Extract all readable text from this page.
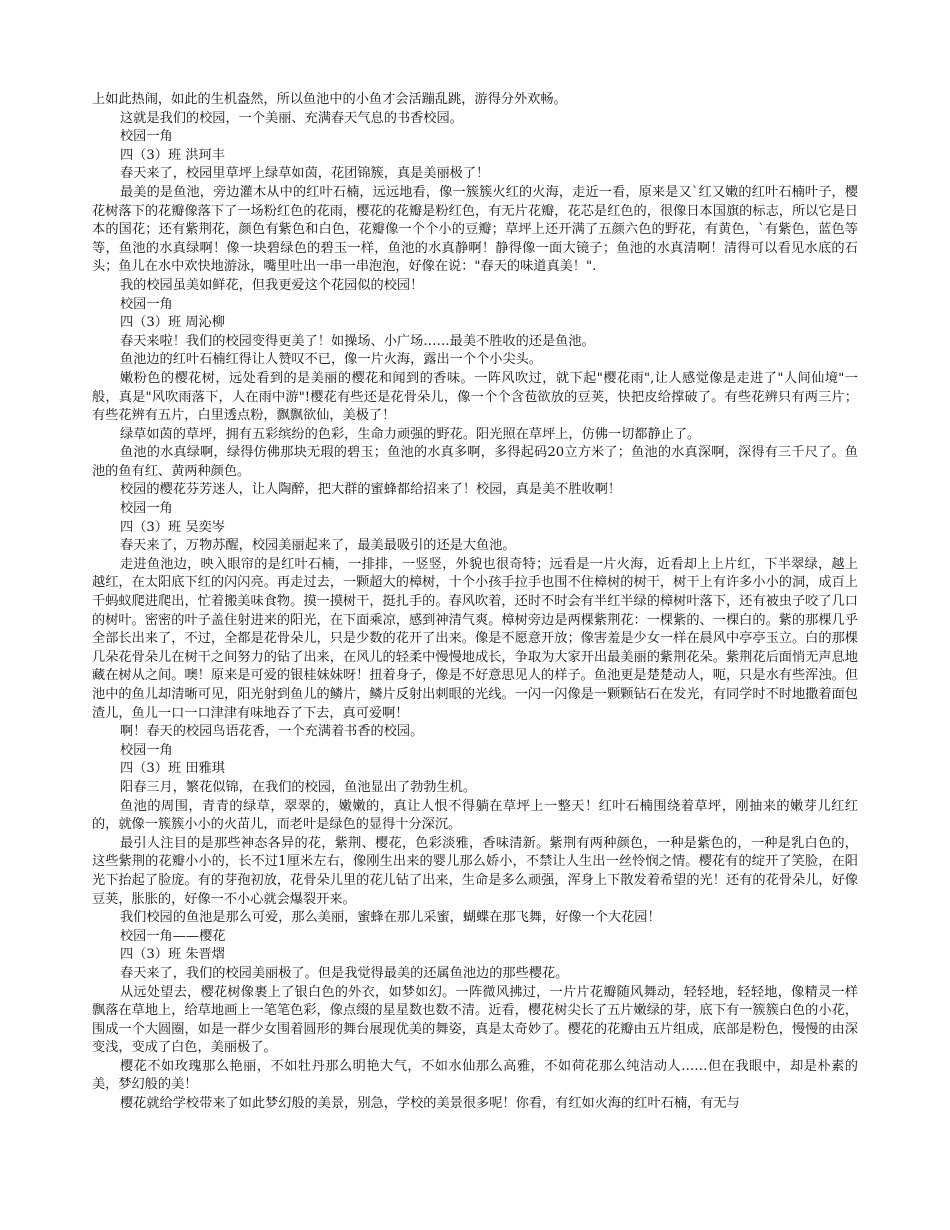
上如此热闹，如此的生机盎然，所以鱼池中的小鱼才会活蹦乱跳，游得分外欢畅。

这就是我们的校园，一个美丽、充满春天气息的书香校园。

校园一角

四（3）班 洪珂丰

春天来了，校园里草坪上绿草如茵，花团锦簇，真是美丽极了！

最美的是鱼池，旁边灌木从中的红叶石楠，远远地看，像一簇簇火红的火海，走近一看，原来是又`红又嫩的红叶石楠叶子，樱花树落下的花瓣像落下了一场粉红色的花雨，樱花的花瓣是粉红色，有无片花瓣，花芯是红色的，很像日本国旗的标志，所以它是日本的国花；还有紫荆花，颜色有紫色和白色，花瓣像一个个小的豆瓣；草坪上还开满了五颜六色的野花，有黄色，`有紫色，蓝色等等，鱼池的水真绿啊！像一块碧绿色的碧玉一样，鱼池的水真静啊！静得像一面大镜子；鱼池的水真清啊！清得可以看见水底的石头；鱼儿在水中欢快地游泳，嘴里吐出一串一串泡泡，好像在说："春天的味道真美！".

我的校园虽美如鲜花，但我更爱这个花园似的校园！

校园一角

四（3）班 周沁柳

春天来啦！我们的校园变得更美了！如操场、小广场……最美不胜收的还是鱼池。

鱼池边的红叶石楠红得让人赞叹不已，像一片火海，露出一个个小尖头。

嫩粉色的樱花树，远处看到的是美丽的樱花和闻到的香味。一阵风吹过，就下起"樱花雨",让人感觉像是走进了"人间仙境"一般，真是"风吹雨落下，人在雨中游"!樱花有些还是花骨朵儿，像一个个含苞欲放的豆荚，快把皮给撑破了。有些花辨只有两三片； 有些花辨有五片，白里透点粉，飘飘欲仙，美极了！

绿草如茵的草坪，拥有五彩缤纷的色彩，生命力顽强的野花。阳光照在草坪上，仿佛一切都静止了。

鱼池的水真绿啊，绿得仿佛那块无瑕的碧玉；鱼池的水真多啊，多得起码20立方米了；鱼池的水真深啊，深得有三千尺了。鱼池的鱼有红、黄两种颜色。

校园的樱花芬芳迷人，让人陶醉，把大群的蜜蜂都给招来了！校园，真是美不胜收啊！

校园一角

四（3）班 吴奕岑

春天来了，万物苏醒，校园美丽起来了，最美最吸引的还是大鱼池。

走进鱼池边，映入眼帘的是红叶石楠，一排排，一竖竖，外貌也很奇特；远看是一片火海，近看却上上片红，下半翠绿，越上越红，在太阳底下红的闪闪亮。再走过去，一颗超大的樟树，十个小孩手拉手也围不住樟树的树干，树干上有许多小小的洞，成百上千蚂蚁爬进爬出，忙着搬美味食物。摸一摸树干，挺扎手的。春风吹着，还时不时会有半红半绿的樟树叶落下，还有被虫子咬了几口的树叶。密密的叶子盖住射进来的阳光，在下面乘凉，感到神清气爽。樟树旁边是两棵紫荆花：一棵紫的、一棵白的。紫的那棵几乎全部长出来了，不过，全都是花骨朵儿，只是少数的花开了出来。像是不愿意开放；像害羞是少女一样在晨风中亭亭玉立。白的那棵几朵花骨朵儿在树干之间努力的钻了出来，在风儿的轻柔中慢慢地成长，争取为大家开出最美丽的紫荆花朵。紫荆花后面悄无声息地藏在树从之间。噢！原来是可爱的银桂妹妹呀！扭着身子，像是不好意思见人的样子。鱼池更是楚楚动人，呃，只是水有些浑浊。但池中的鱼儿却清晰可见，阳光射到鱼儿的鳞片，鳞片反射出刺眼的光线。一闪一闪像是一颗颗钻石在发光，有同学时不时地撒着面包渣儿，鱼儿一口一口津津有味地吞了下去，真可爱啊！

啊！春天的校园鸟语花香，一个充满着书香的校园。

校园一角

四（3）班 田雅琪

阳春三月，繁花似锦，在我们的校园，鱼池显出了勃勃生机。

鱼池的周围，青青的绿草，翠翠的，嫩嫩的，真让人恨不得躺在草坪上一整天！红叶石楠围绕着草坪，刚抽来的嫩芽儿红红的，就像一簇簇小小的火苗儿，而老叶是绿色的显得十分深沉。

最引人注目的是那些神态各异的花，紫荆、樱花，色彩淡雅，香味清新。紫荆有两种颜色，一种是紫色的，一种是乳白色的，这些紫荆的花瓣小小的，长不过1厘米左右，像刚生出来的婴儿那么娇小，不禁让人生出一丝怜悯之情。樱花有的绽开了笑脸，在阳光下抬起了脸庞。有的芽孢初放，花骨朵儿里的花儿钻了出来，生命是多么顽强，浑身上下散发着希望的光！还有的花骨朵儿，好像豆荚，胀胀的，好像一不小心就会爆裂开来。

我们校园的鱼池是那么可爱，那么美丽，蜜蜂在那儿采蜜，蝴蝶在那飞舞，好像一个大花园！

校园一角——樱花

四（3）班 朱晋熠

春天来了，我们的校园美丽极了。但是我觉得最美的还属鱼池边的那些樱花。

从远处望去，樱花树像裹上了银白色的外衣，如梦如幻。一阵微风拂过，一片片花瓣随风舞动，轻轻地，轻轻地，像精灵一样飘落在草地上，给草地画上一笔笔色彩，像点缀的星星数也数不清。近看，樱花树尖长了五片嫩绿的芽，底下有一簇簇白色的小花，围成一个大圆圈，如是一群少女围着圆形的舞台展现优美的舞姿，真是太奇妙了。樱花的花瓣由五片组成，底部是粉色，慢慢的由深变浅，变成了白色，美丽极了。

樱花不如玫瑰那么艳丽，不如牡丹那么明艳大气，不如水仙那么高雅，不如荷花那么纯洁动人……但在我眼中，却是朴素的美，梦幻般的美！

樱花就给学校带来了如此梦幻般的美景，别急，学校的美景很多呢！你看，有红如火海的红叶石楠，有无与
